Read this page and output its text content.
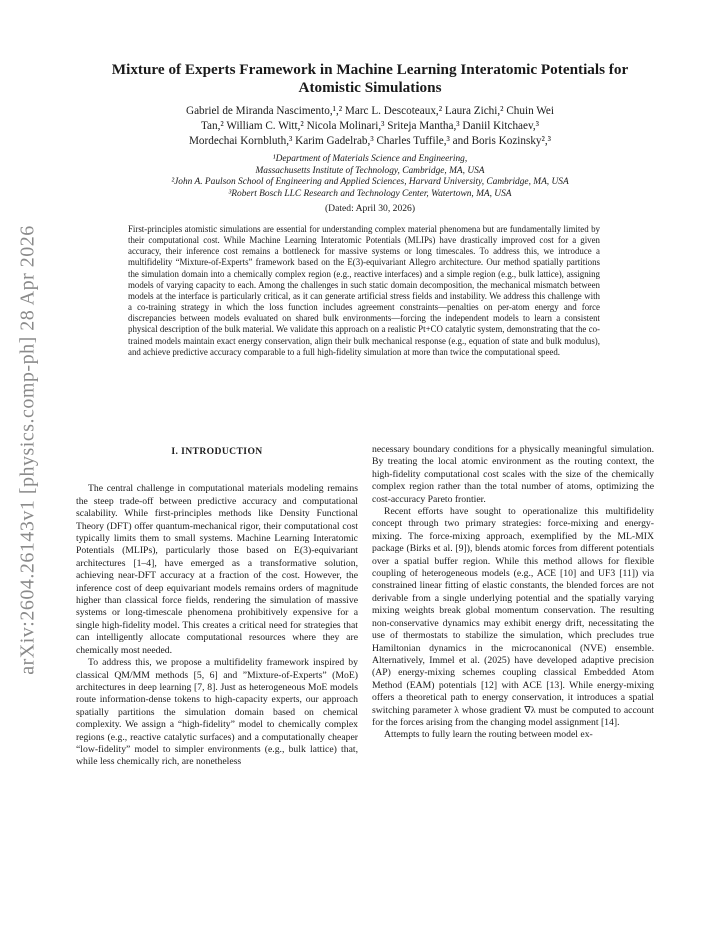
arXiv:2604.26143v1 [physics.comp-ph] 28 Apr 2026
Mixture of Experts Framework in Machine Learning Interatomic Potentials for
Atomistic Simulations
Gabriel de Miranda Nascimento,¹,² Marc L. Descoteaux,² Laura Zichi,² Chuin Wei
Tan,² William C. Witt,² Nicola Molinari,³ Sriteja Mantha,³ Daniil Kitchaev,³
Mordechai Kornbluth,³ Karim Gadelrab,³ Charles Tuffile,³ and Boris Kozinsky²,³
¹Department of Materials Science and Engineering,
Massachusetts Institute of Technology, Cambridge, MA, USA
²John A. Paulson School of Engineering and Applied Sciences, Harvard University, Cambridge, MA, USA
³Robert Bosch LLC Research and Technology Center, Watertown, MA, USA
(Dated: April 30, 2026)

First-principles atomistic simulations are essential for understanding complex material phenomena but are fundamentally limited by their computational cost. While Machine Learning Interatomic Potentials (MLIPs) have drastically improved cost for a given accuracy, their inference cost remains a bottleneck for massive systems or long timescales. To address this, we introduce a multifidelity “Mixture-of-Experts” framework based on the E(3)-equivariant Allegro architecture. Our method spatially partitions the simulation domain into a chemically complex region (e.g., reactive interfaces) and a simple region (e.g., bulk lattice), assigning models of varying capacity to each. Among the challenges in such static domain decomposition, the mechanical mismatch between models at the interface is particularly critical, as it can generate artificial stress fields and instability. We address this challenge with a co-training strategy in which the loss function includes agreement constraints—penalties on per-atom energy and force discrepancies between models evaluated on shared bulk environments—forcing the independent models to learn a consistent physical description of the bulk material. We validate this approach on a realistic Pt+CO catalytic system, demonstrating that the co-trained models maintain exact energy conservation, align their bulk mechanical response (e.g., equation of state and bulk modulus), and achieve predictive accuracy comparable to a full high-fidelity simulation at more than twice the computational speed.

I. INTRODUCTION

The central challenge in computational materials modeling remains the steep trade-off between predictive accuracy and computational scalability. While first-principles methods like Density Functional Theory (DFT) offer quantum-mechanical rigor, their computational cost typically limits them to small systems. Machine Learning Interatomic Potentials (MLIPs), particularly those based on E(3)-equivariant architectures [1–4], have emerged as a transformative solution, achieving near-DFT accuracy at a fraction of the cost. However, the inference cost of deep equivariant models remains orders of magnitude higher than classical force fields, rendering the simulation of massive systems or long-timescale phenomena prohibitively expensive for a single high-fidelity model. This creates a critical need for strategies that can intelligently allocate computational resources where they are chemically most needed.

To address this, we propose a multifidelity framework inspired by classical QM/MM methods [5, 6] and ”Mixture-of-Experts” (MoE) architectures in deep learning [7, 8]. Just as heterogeneous MoE models route information-dense tokens to high-capacity experts, our approach spatially partitions the simulation domain based on chemical complexity. We assign a “high-fidelity” model to chemically complex regions (e.g., reactive catalytic surfaces) and a computationally cheaper “low-fidelity” model to simpler environments (e.g., bulk lattice) that, while less chemically rich, are nonetheless

necessary boundary conditions for a physically meaningful simulation. By treating the local atomic environment as the routing context, the high-fidelity computational cost scales with the size of the chemically complex region rather than the total number of atoms, optimizing the cost-accuracy Pareto frontier.

Recent efforts have sought to operationalize this multifidelity concept through two primary strategies: force-mixing and energy-mixing. The force-mixing approach, exemplified by the ML-MIX package (Birks et al. [9]), blends atomic forces from different potentials over a spatial buffer region. While this method allows for flexible coupling of heterogeneous models (e.g., ACE [10] and UF3 [11]) via constrained linear fitting of elastic constants, the blended forces are not derivable from a single underlying potential and the spatially varying mixing weights break global momentum conservation. The resulting non-conservative dynamics may exhibit energy drift, necessitating the use of thermostats to stabilize the simulation, which precludes true Hamiltonian dynamics in the microcanonical (NVE) ensemble. Alternatively, Immel et al. (2025) have developed adaptive precision (AP) energy-mixing schemes coupling classical Embedded Atom Method (EAM) potentials [12] with ACE [13]. While energy-mixing offers a theoretical path to energy conservation, it introduces a spatial switching parameter λ whose gradient ∇λ must be computed to account for the forces arising from the changing model assignment [14].

Attempts to fully learn the routing between model ex-
